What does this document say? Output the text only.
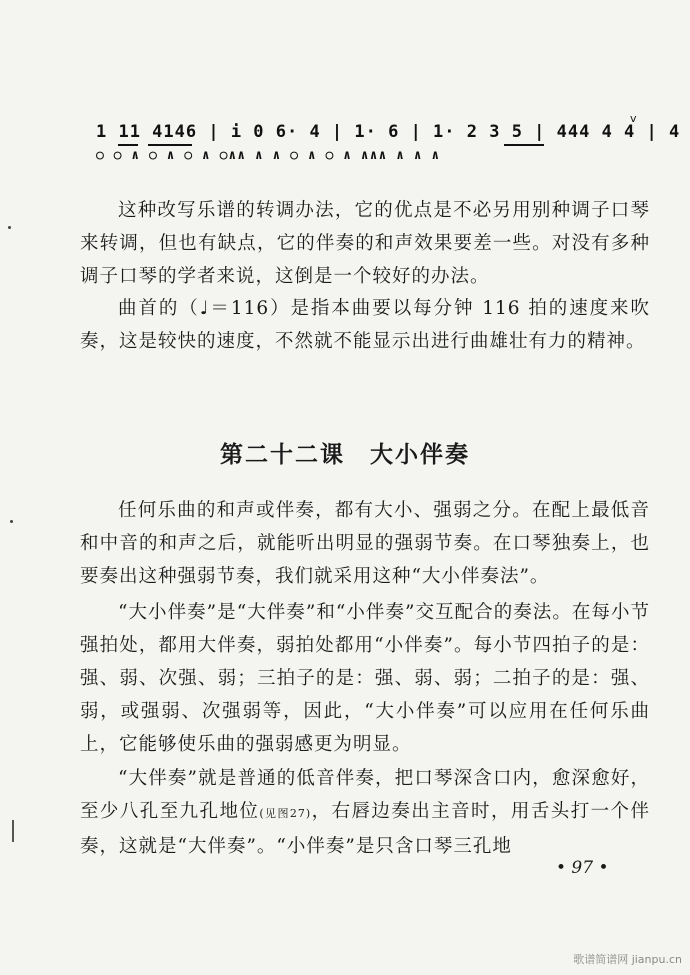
1 11 4146 | i 0 6· 4 | 1· 6 | 1· 2 3 5 | 444 4 4 | 4
○ ○ ∧ ○ ∧ ○ ∧ ○∧∧ ∧ ∧ ○ ∧ ○ ∧ ∧∧∧ ∧ ∧ ∧
v

这种改写乐谱的转调办法，它的优点是不必另用别种调子口琴来转调，但也有缺点，它的伴奏的和声效果要差一些。对没有多种调子口琴的学者来说，这倒是一个较好的办法。

曲首的（♩＝116）是指本曲要以每分钟 116 拍的速度来吹奏，这是较快的速度，不然就不能显示出进行曲雄壮有力的精神。

第二十二课　大小伴奏

任何乐曲的和声或伴奏，都有大小、强弱之分。在配上最低音和中音的和声之后，就能听出明显的强弱节奏。在口琴独奏上，也要奏出这种强弱节奏，我们就采用这种“大小伴奏法”。

“大小伴奏”是“大伴奏”和“小伴奏”交互配合的奏法。在每小节强拍处，都用大伴奏，弱拍处都用“小伴奏”。每小节四拍子的是：强、弱、次强、弱；三拍子的是：强、弱、弱；二拍子的是：强、弱，或强弱、次强弱等，因此，“大小伴奏”可以应用在任何乐曲上，它能够使乐曲的强弱感更为明显。

“大伴奏”就是普通的低音伴奏，把口琴深含口内，愈深愈好，至少八孔至九孔地位(见图27)，右唇边奏出主音时，用舌头打一个伴奏，这就是“大伴奏”。“小伴奏”是只含口琴三孔地

• 97 •
歌谱简谱网 jianpu.cn
